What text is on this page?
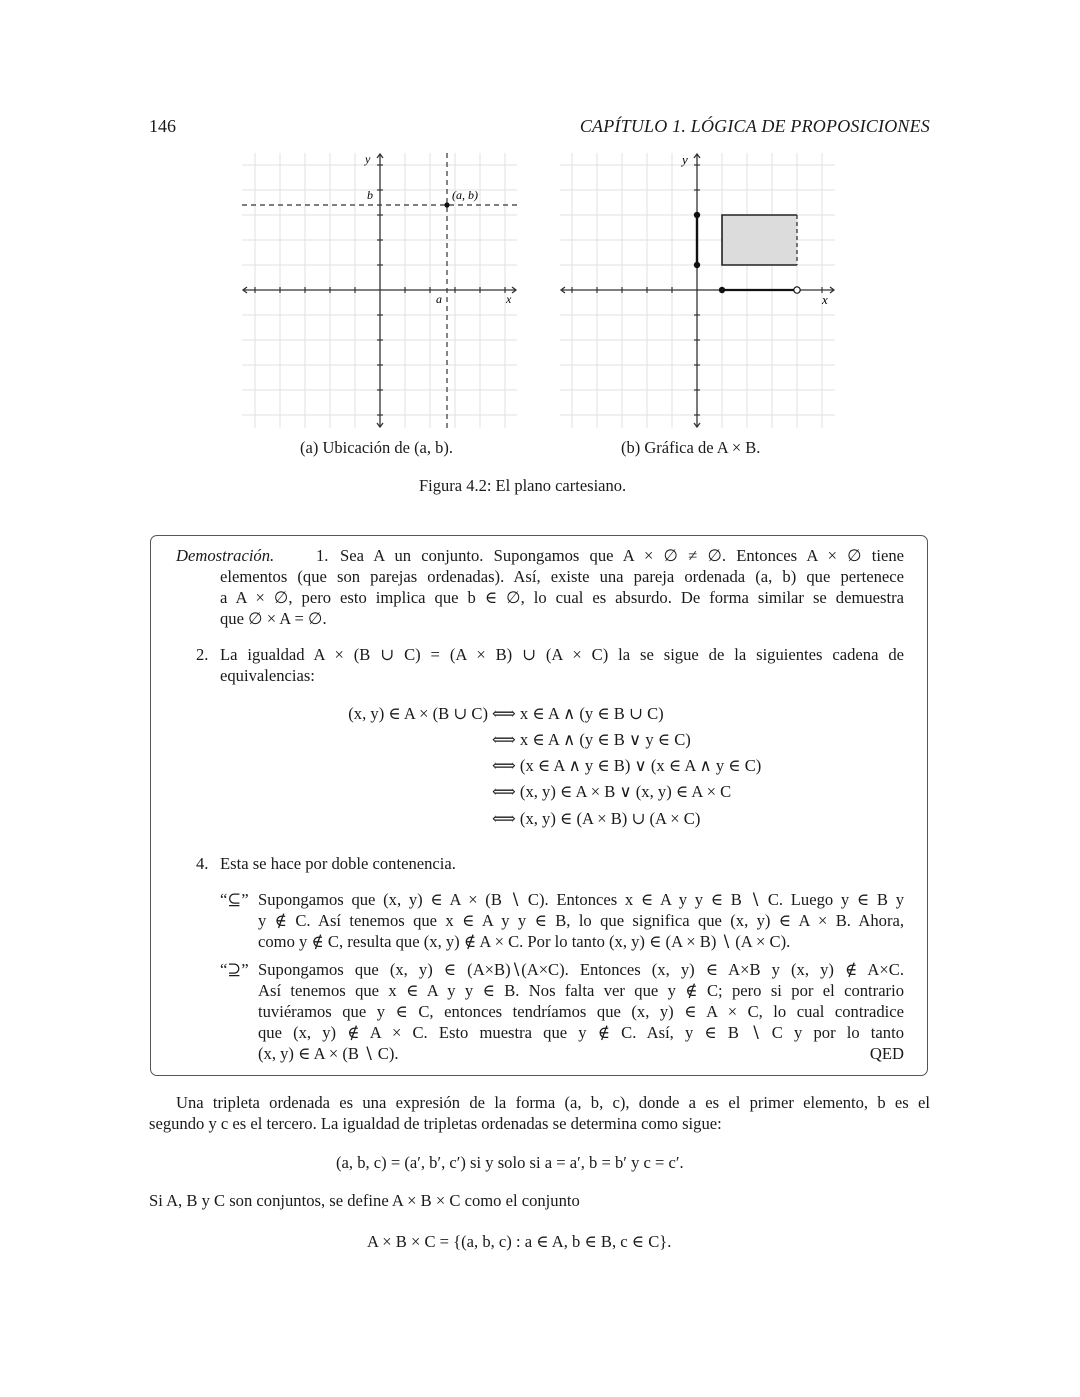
146	CAPÍTULO 1. LÓGICA DE PROPOSICIONES
y
b	(a, b)
a	x
y
x
(a) Ubicación de (a, b).	(b) Gráfica de A × B.
Figura 4.2: El plano cartesiano.
Demostración.	1. Sea A un conjunto. Supongamos que A × ∅ ≠ ∅. Entonces A × ∅ tiene
elementos (que son parejas ordenadas). Así, existe una pareja ordenada (a, b) que pertenece
a A × ∅, pero esto implica que b ∈ ∅, lo cual es absurdo. De forma similar se demuestra
que ∅ × A = ∅.
2. La igualdad A × (B ∪ C) = (A × B) ∪ (A × C) la se sigue de la siguientes cadena de
equivalencias:
(x, y) ∈ A × (B ∪ C) ⟺ x ∈ A ∧ (y ∈ B ∪ C)
⟺ x ∈ A ∧ (y ∈ B ∨ y ∈ C)
⟺ (x ∈ A ∧ y ∈ B) ∨ (x ∈ A ∧ y ∈ C)
⟺ (x, y) ∈ A × B ∨ (x, y) ∈ A × C
⟺ (x, y) ∈ (A × B) ∪ (A × C)
4. Esta se hace por doble contenencia.
“⊆” Supongamos que (x, y) ∈ A × (B ∖ C). Entonces x ∈ A y y ∈ B ∖ C. Luego y ∈ B y
y ∉ C. Así tenemos que x ∈ A y y ∈ B, lo que significa que (x, y) ∈ A × B. Ahora,
como y ∉ C, resulta que (x, y) ∉ A × C. Por lo tanto (x, y) ∈ (A × B) ∖ (A × C).
“⊇” Supongamos que (x, y) ∈ (A×B)∖(A×C). Entonces (x, y) ∈ A×B y (x, y) ∉ A×C.
Así tenemos que x ∈ A y y ∈ B. Nos falta ver que y ∉ C; pero si por el contrario
tuviéramos que y ∈ C, entonces tendríamos que (x, y) ∈ A × C, lo cual contradice
que (x, y) ∉ A × C. Esto muestra que y ∉ C. Así, y ∈ B ∖ C y por lo tanto
(x, y) ∈ A × (B ∖ C).	QED
Una tripleta ordenada es una expresión de la forma (a, b, c), donde a es el primer elemento, b es el
segundo y c es el tercero. La igualdad de tripletas ordenadas se determina como sigue:
(a, b, c) = (a′, b′, c′) si y solo si a = a′, b = b′ y c = c′.
Si A, B y C son conjuntos, se define A × B × C como el conjunto
A × B × C = {(a, b, c) : a ∈ A, b ∈ B, c ∈ C}.
